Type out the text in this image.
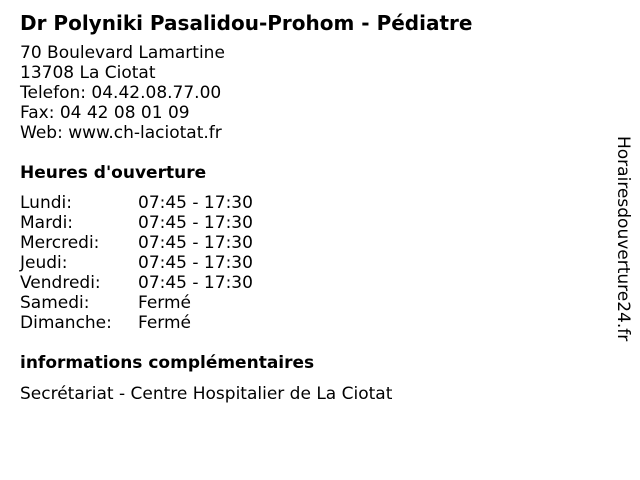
Dr Polyniki Pasalidou-Prohom - Pédiatre
70 Boulevard Lamartine
13708 La Ciotat
Telefon: 04.42.08.77.00
Fax: 04 42 08 01 09
Web: www.ch-laciotat.fr
Heures d'ouverture
Lundi:	07:45 - 17:30
Mardi:	07:45 - 17:30
Mercredi: 07:45 - 17:30
Jeudi:	07:45 - 17:30
Vendredi: 07:45 - 17:30
Samedi:	Fermé
Dimanche: Fermé
informations complémentaires
Secrétariat - Centre Hospitalier de La Ciotat
Horairesdouverture24.fr
